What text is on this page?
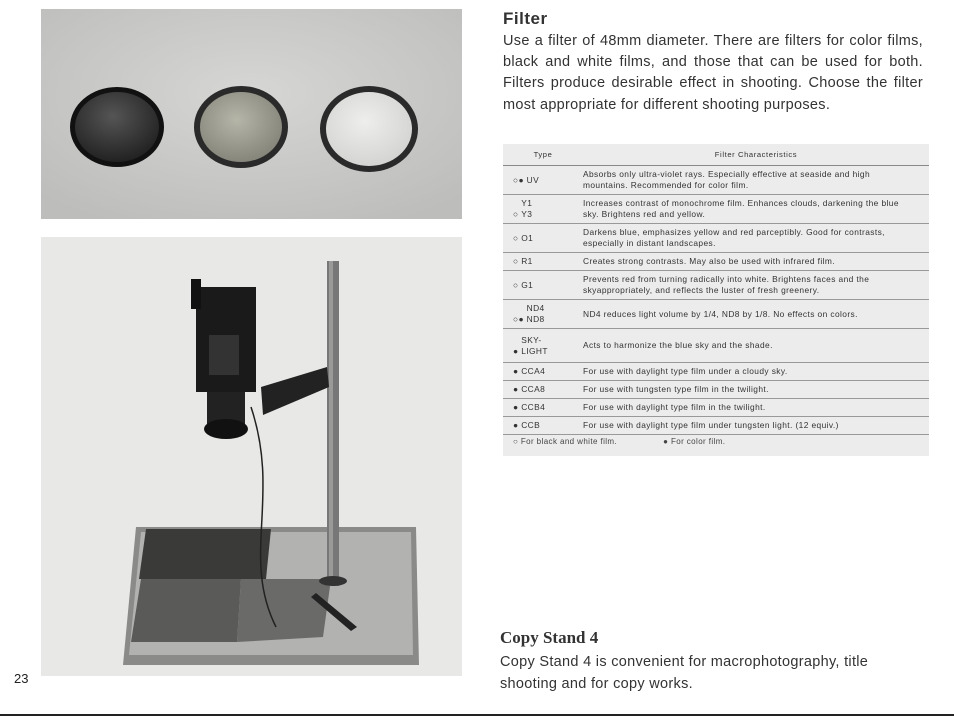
23
Filter
Use a filter of 48mm diameter. There are filters for color films, black and white films, and those that can be used for both. Filters produce desirable effect in shooting. Choose the filter most appropriate for different shooting purposes.
Type	Filter Characteristics
○● UV	Absorbs only ultra-violet rays. Especially effective at seaside and high mountains. Recommended for color film.
○ Y1 Y3	Increases contrast of monochrome film. Enhances clouds, darkening the blue sky. Brightens red and yellow.
○ O1	Darkens blue, emphasizes yellow and red parceptibly. Good for contrasts, especially in distant landscapes.
○ R1	Creates strong contrasts. May also be used with infrared film.
○ G1	Prevents red from turning radically into white. Brightens faces and the skyappropriately, and reflects the luster of fresh greenery.
○● ND4 ND8	ND4 reduces light volume by 1/4, ND8 by 1/8. No effects on colors.
● SKY-LIGHT	Acts to harmonize the blue sky and the shade.
● CCA4	For use with daylight type film under a cloudy sky.
● CCA8	For use with tungsten type film in the twilight.
● CCB4	For use with daylight type film in the twilight.
● CCB	For use with daylight type film under tungsten light. (12 equiv.)
○ For black and white film.	● For color film.
Copy Stand 4
Copy Stand 4 is convenient for macrophotography, title shooting and for copy works.
